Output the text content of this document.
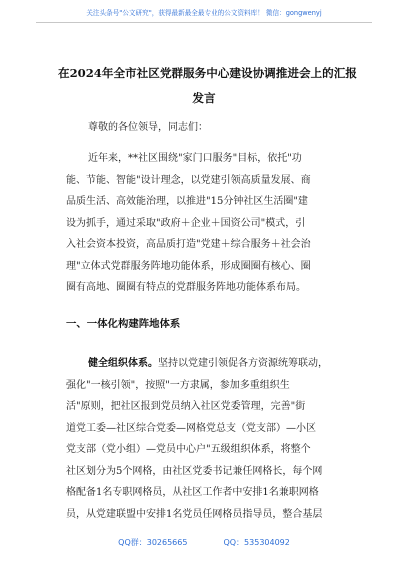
关注头条号"公文研究"，获得最新最全最专业的公文资料库！ 微信：gongwenyj
在2024年全市社区党群服务中心建设协调推进会上的汇报
发言
尊敬的各位领导，同志们：
近年来，**社区围绕"家门口服务"目标，依托"功
能、节能、智能"设计理念，以党建引领高质量发展、商
品质生活、高效能治理，以推进"15分钟社区生活圈"建
设为抓手，通过采取"政府＋企业＋国资公司"模式，引
入社会资本投资，高品质打造"党建＋综合服务＋社会治
理"立体式党群服务阵地功能体系，形成圈圈有核心、圈
圈有高地、圈圈有特点的党群服务阵地功能体系布局。
一、一体化构建阵地体系
健全组织体系。坚持以党建引领促各方资源统筹联动，
强化"一核引领"，按照"一方隶属，参加多重组织生
活"原则，把社区报到党员纳入社区党委管理，完善"街
道党工委—社区综合党委—网格党总支（党支部）—小区
党支部（党小组）—党员中心户"五级组织体系，将整个
社区划分为5个网格，由社区党委书记兼任网格长，每个网
格配备1名专职网格员，从社区工作者中安排1名兼职网格
员，从党建联盟中安排1名党员任网格员指导员，整合基层
QQ群：30265665	QQ：535304092
